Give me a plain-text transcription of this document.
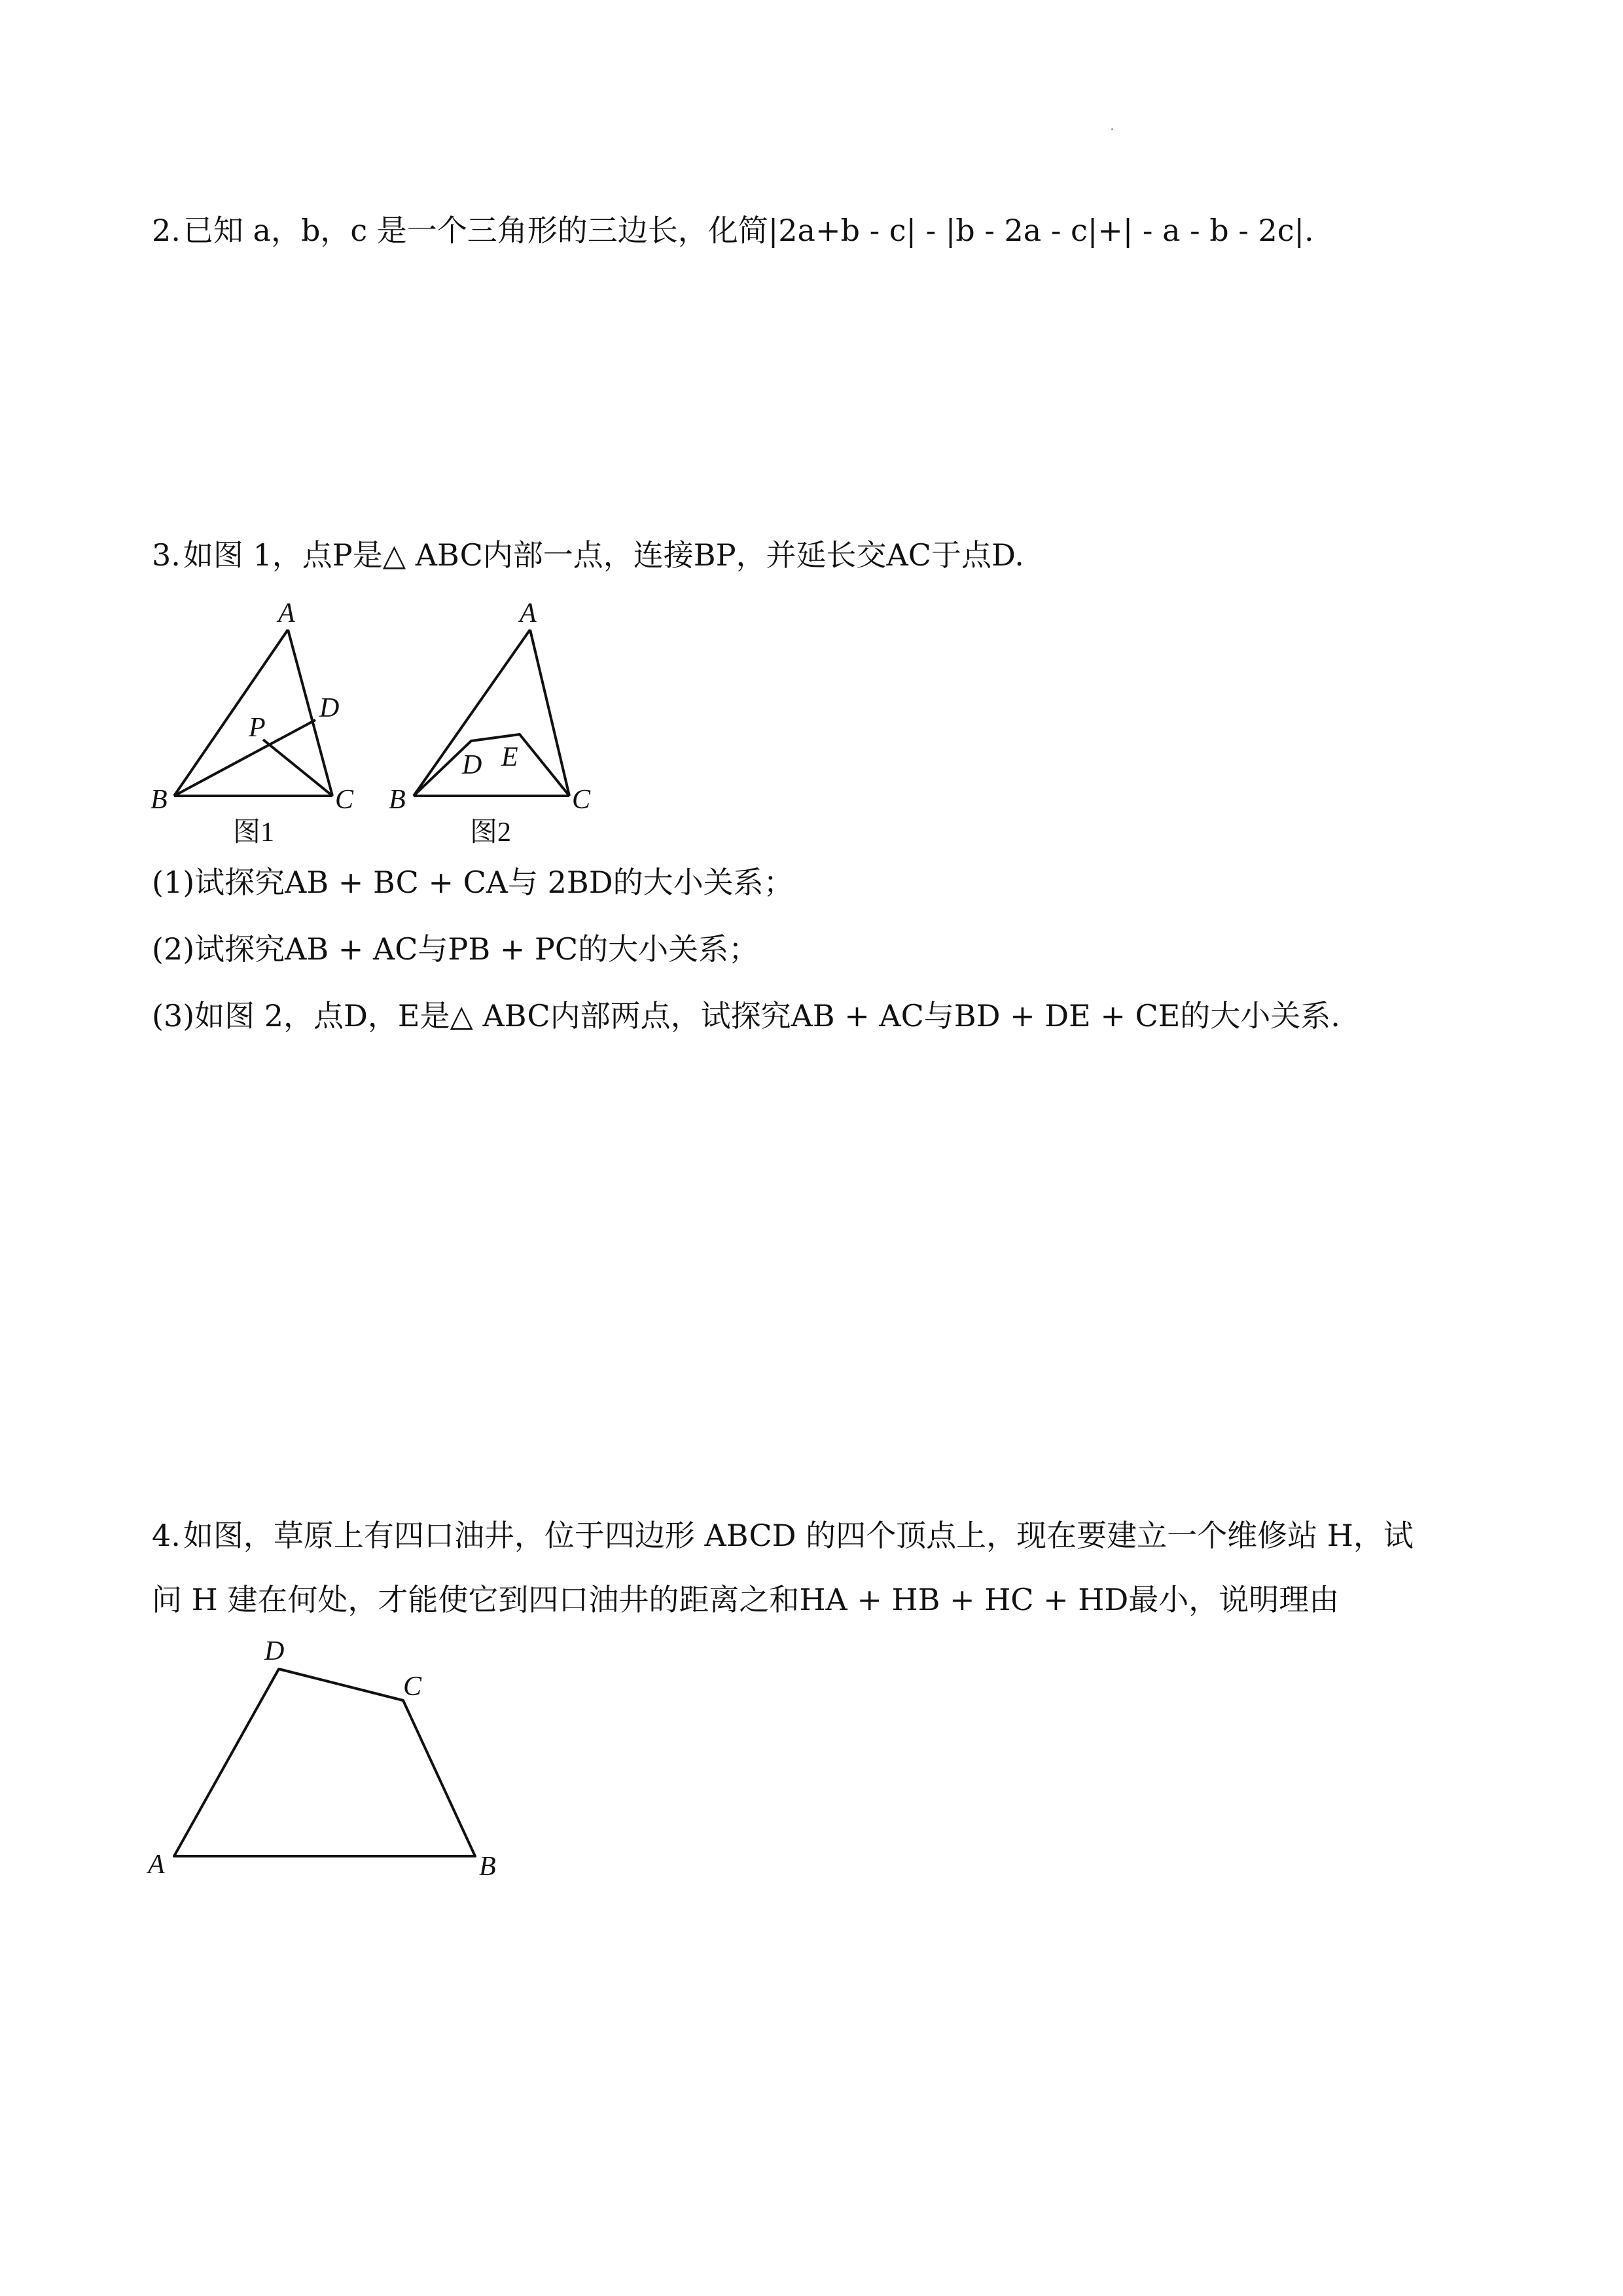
2.已知 a，b，c 是一个三角形的三边长，化简|2a+b - c| - |b - 2a - c|+| - a - b - 2c|.
3.如图 1，点P是△ ABC内部一点，连接BP，并延长交AC于点D.
A
B	C
D
P
图1
A
B	C
D E
图2
(1)试探究AB + BC + CA与 2BD的大小关系；
(2)试探究AB + AC与PB + PC的大小关系；
(3)如图 2，点D，E是△ ABC内部两点，试探究AB + AC与BD + DE + CE的大小关系.
4.如图，草原上有四口油井，位于四边形 ABCD 的四个顶点上，现在要建立一个维修站 H，试
问 H 建在何处，才能使它到四口油井的距离之和HA + HB + HC + HD最小，说明理由
A	B
C
D
